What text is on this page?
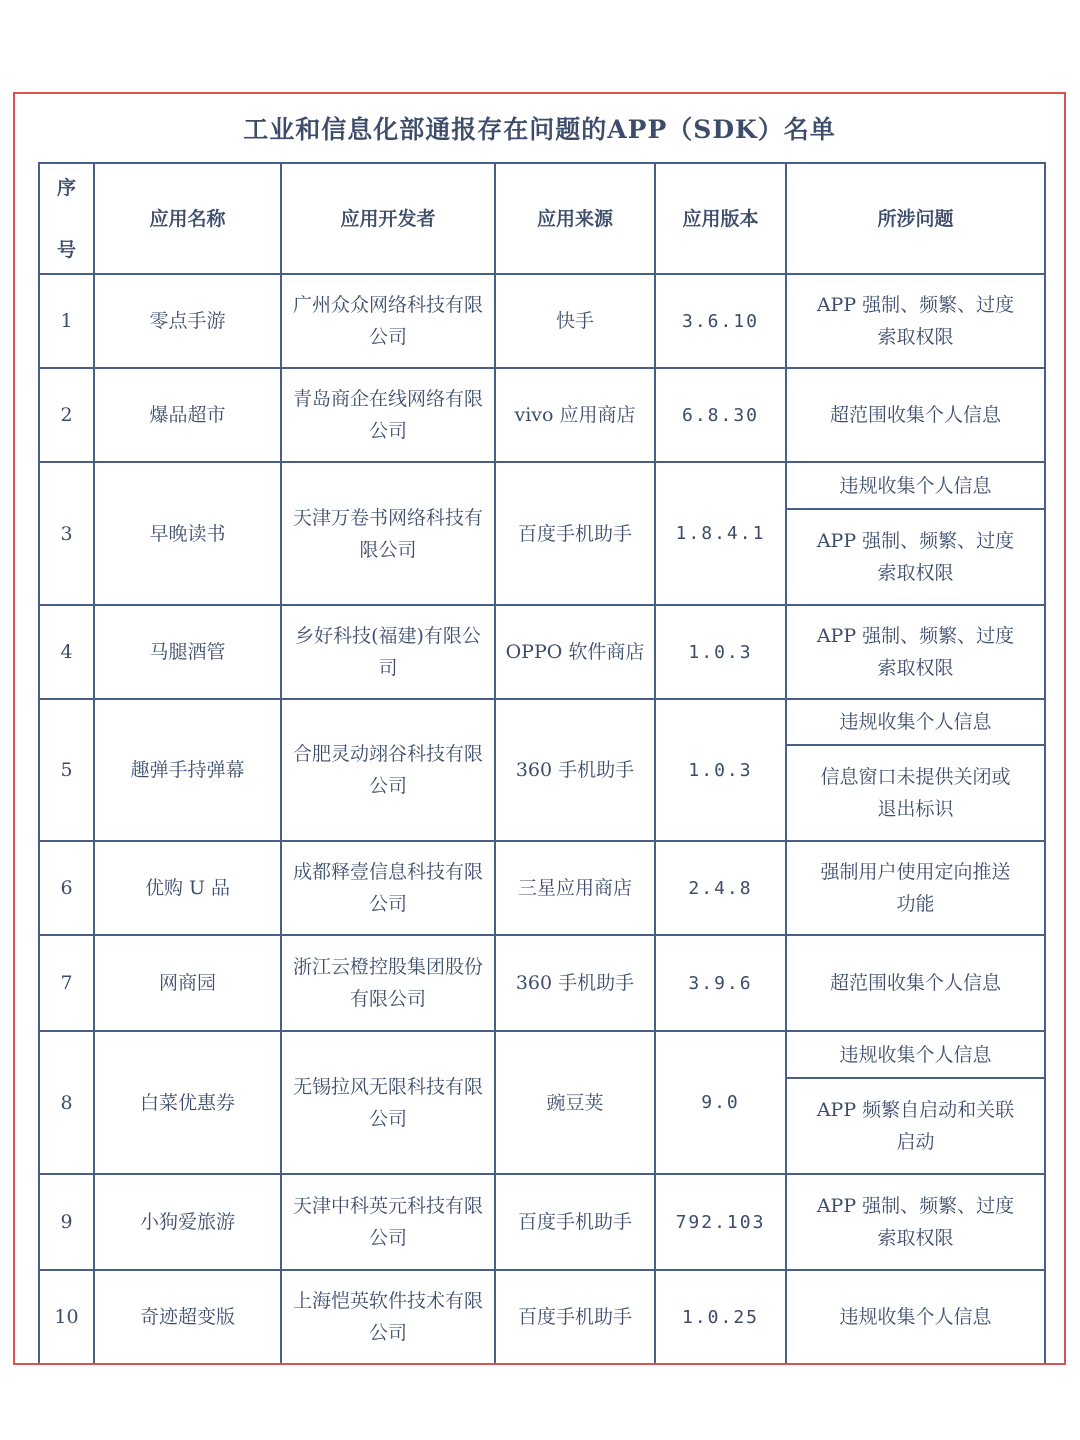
工业和信息化部通报存在问题的APP（SDK）名单
序
号	应用名称	应用开发者	应用来源	应用版本	所涉问题
1	零点手游	广州众众网络科技有限公司	快手	3.6.10	APP 强制、频繁、过度索取权限
2	爆品超市	青岛商企在线网络有限公司	vivo 应用商店	6.8.30	超范围收集个人信息
3	早晚读书	天津万卷书网络科技有限公司	百度手机助手	1.8.4.1	违规收集个人信息
					APP 强制、频繁、过度索取权限
4	马腿酒管	乡好科技(福建)有限公司	OPPO 软件商店	1.0.3	APP 强制、频繁、过度索取权限
5	趣弹手持弹幕	合肥灵动翊谷科技有限公司	360 手机助手	1.0.3	违规收集个人信息
					信息窗口未提供关闭或退出标识
6	优购 U 品	成都释壹信息科技有限公司	三星应用商店	2.4.8	强制用户使用定向推送功能
7	网商园	浙江云橙控股集团股份有限公司	360 手机助手	3.9.6	超范围收集个人信息
8	白菜优惠券	无锡拉风无限科技有限公司	豌豆荚	9.0	违规收集个人信息
					APP 频繁自启动和关联启动
9	小狗爱旅游	天津中科英元科技有限公司	百度手机助手	792.103	APP 强制、频繁、过度索取权限
10	奇迹超变版	上海恺英软件技术有限公司	百度手机助手	1.0.25	违规收集个人信息
